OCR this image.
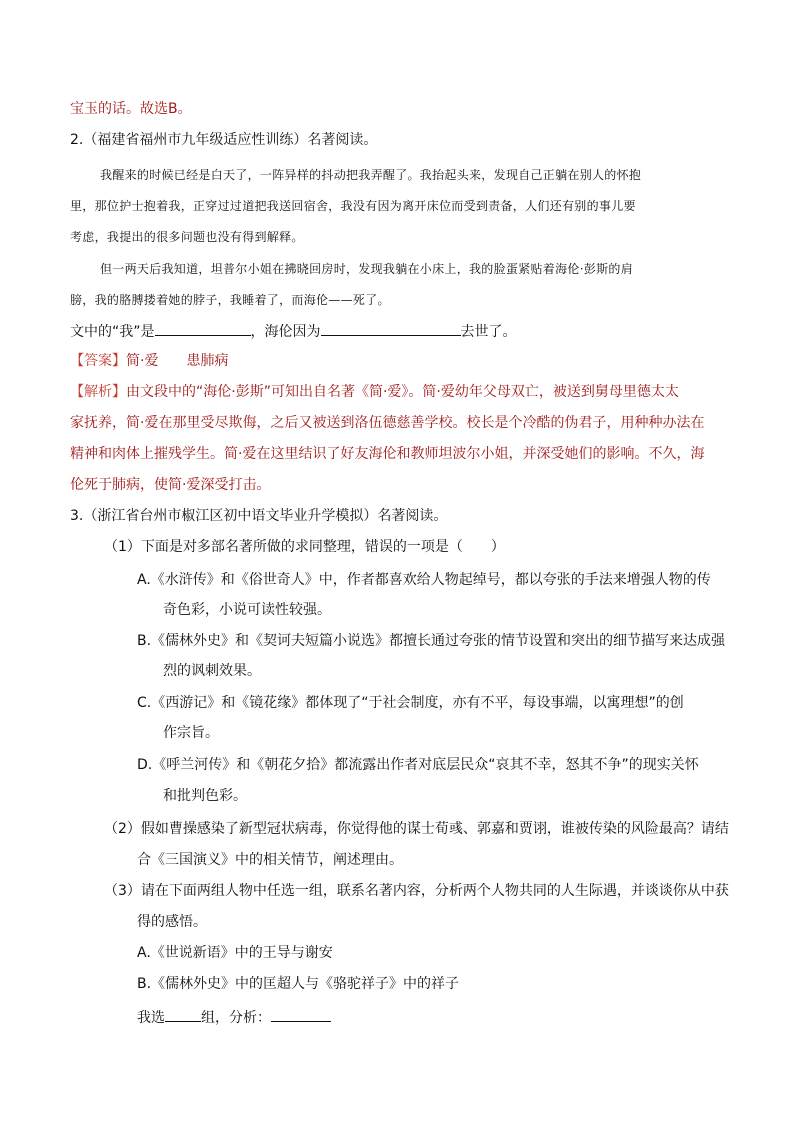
宝玉的话。故选B。
2.（福建省福州市九年级适应性训练）名著阅读。
我醒来的时候已经是白天了，一阵异样的抖动把我弄醒了。我抬起头来，发现自己正躺在别人的怀抱
里，那位护士抱着我，正穿过过道把我送回宿舍，我没有因为离开床位而受到责备，人们还有别的事儿要
考虑，我提出的很多问题也没有得到解释。
但一两天后我知道，坦普尔小姐在拂晓回房时，发现我躺在小床上，我的脸蛋紧贴着海伦·彭斯的肩
膀，我的胳膊搂着她的脖子，我睡着了，而海伦——死了。
文中的“我”是	，海伦因为	去世了。
【答案】简·爱　　患肺病
【解析】由文段中的“海伦·彭斯”可知出自名著《简·爱》。简·爱幼年父母双亡，被送到舅母里德太太
家抚养，简·爱在那里受尽欺侮，之后又被送到洛伍德慈善学校。校长是个冷酷的伪君子，用种种办法在
精神和肉体上摧残学生。简·爱在这里结识了好友海伦和教师坦波尔小姐，并深受她们的影响。不久，海
伦死于肺病，使简·爱深受打击。
3.（浙江省台州市椒江区初中语文毕业升学模拟）名著阅读。
（1）下面是对多部名著所做的求同整理，错误的一项是（　　）
A.《水浒传》和《俗世奇人》中，作者都喜欢给人物起绰号，都以夸张的手法来增强人物的传
奇色彩，小说可读性较强。
B.《儒林外史》和《契诃夫短篇小说选》都擅长通过夸张的情节设置和突出的细节描写来达成强
烈的讽刺效果。
C.《西游记》和《镜花缘》都体现了“于社会制度，亦有不平，每设事端，以寓理想”的创
作宗旨。
D.《呼兰河传》和《朝花夕拾》都流露出作者对底层民众“哀其不幸，怒其不争”的现实关怀
和批判色彩。
（2）假如曹操感染了新型冠状病毒，你觉得他的谋士荀彧、郭嘉和贾诩，谁被传染的风险最高？请结
合《三国演义》中的相关情节，阐述理由。
（3）请在下面两组人物中任选一组，联系名著内容，分析两个人物共同的人生际遇，并谈谈你从中获
得的感悟。
A.《世说新语》中的王导与谢安
B.《儒林外史》中的匡超人与《骆驼祥子》中的祥子
我选	组，分析：
